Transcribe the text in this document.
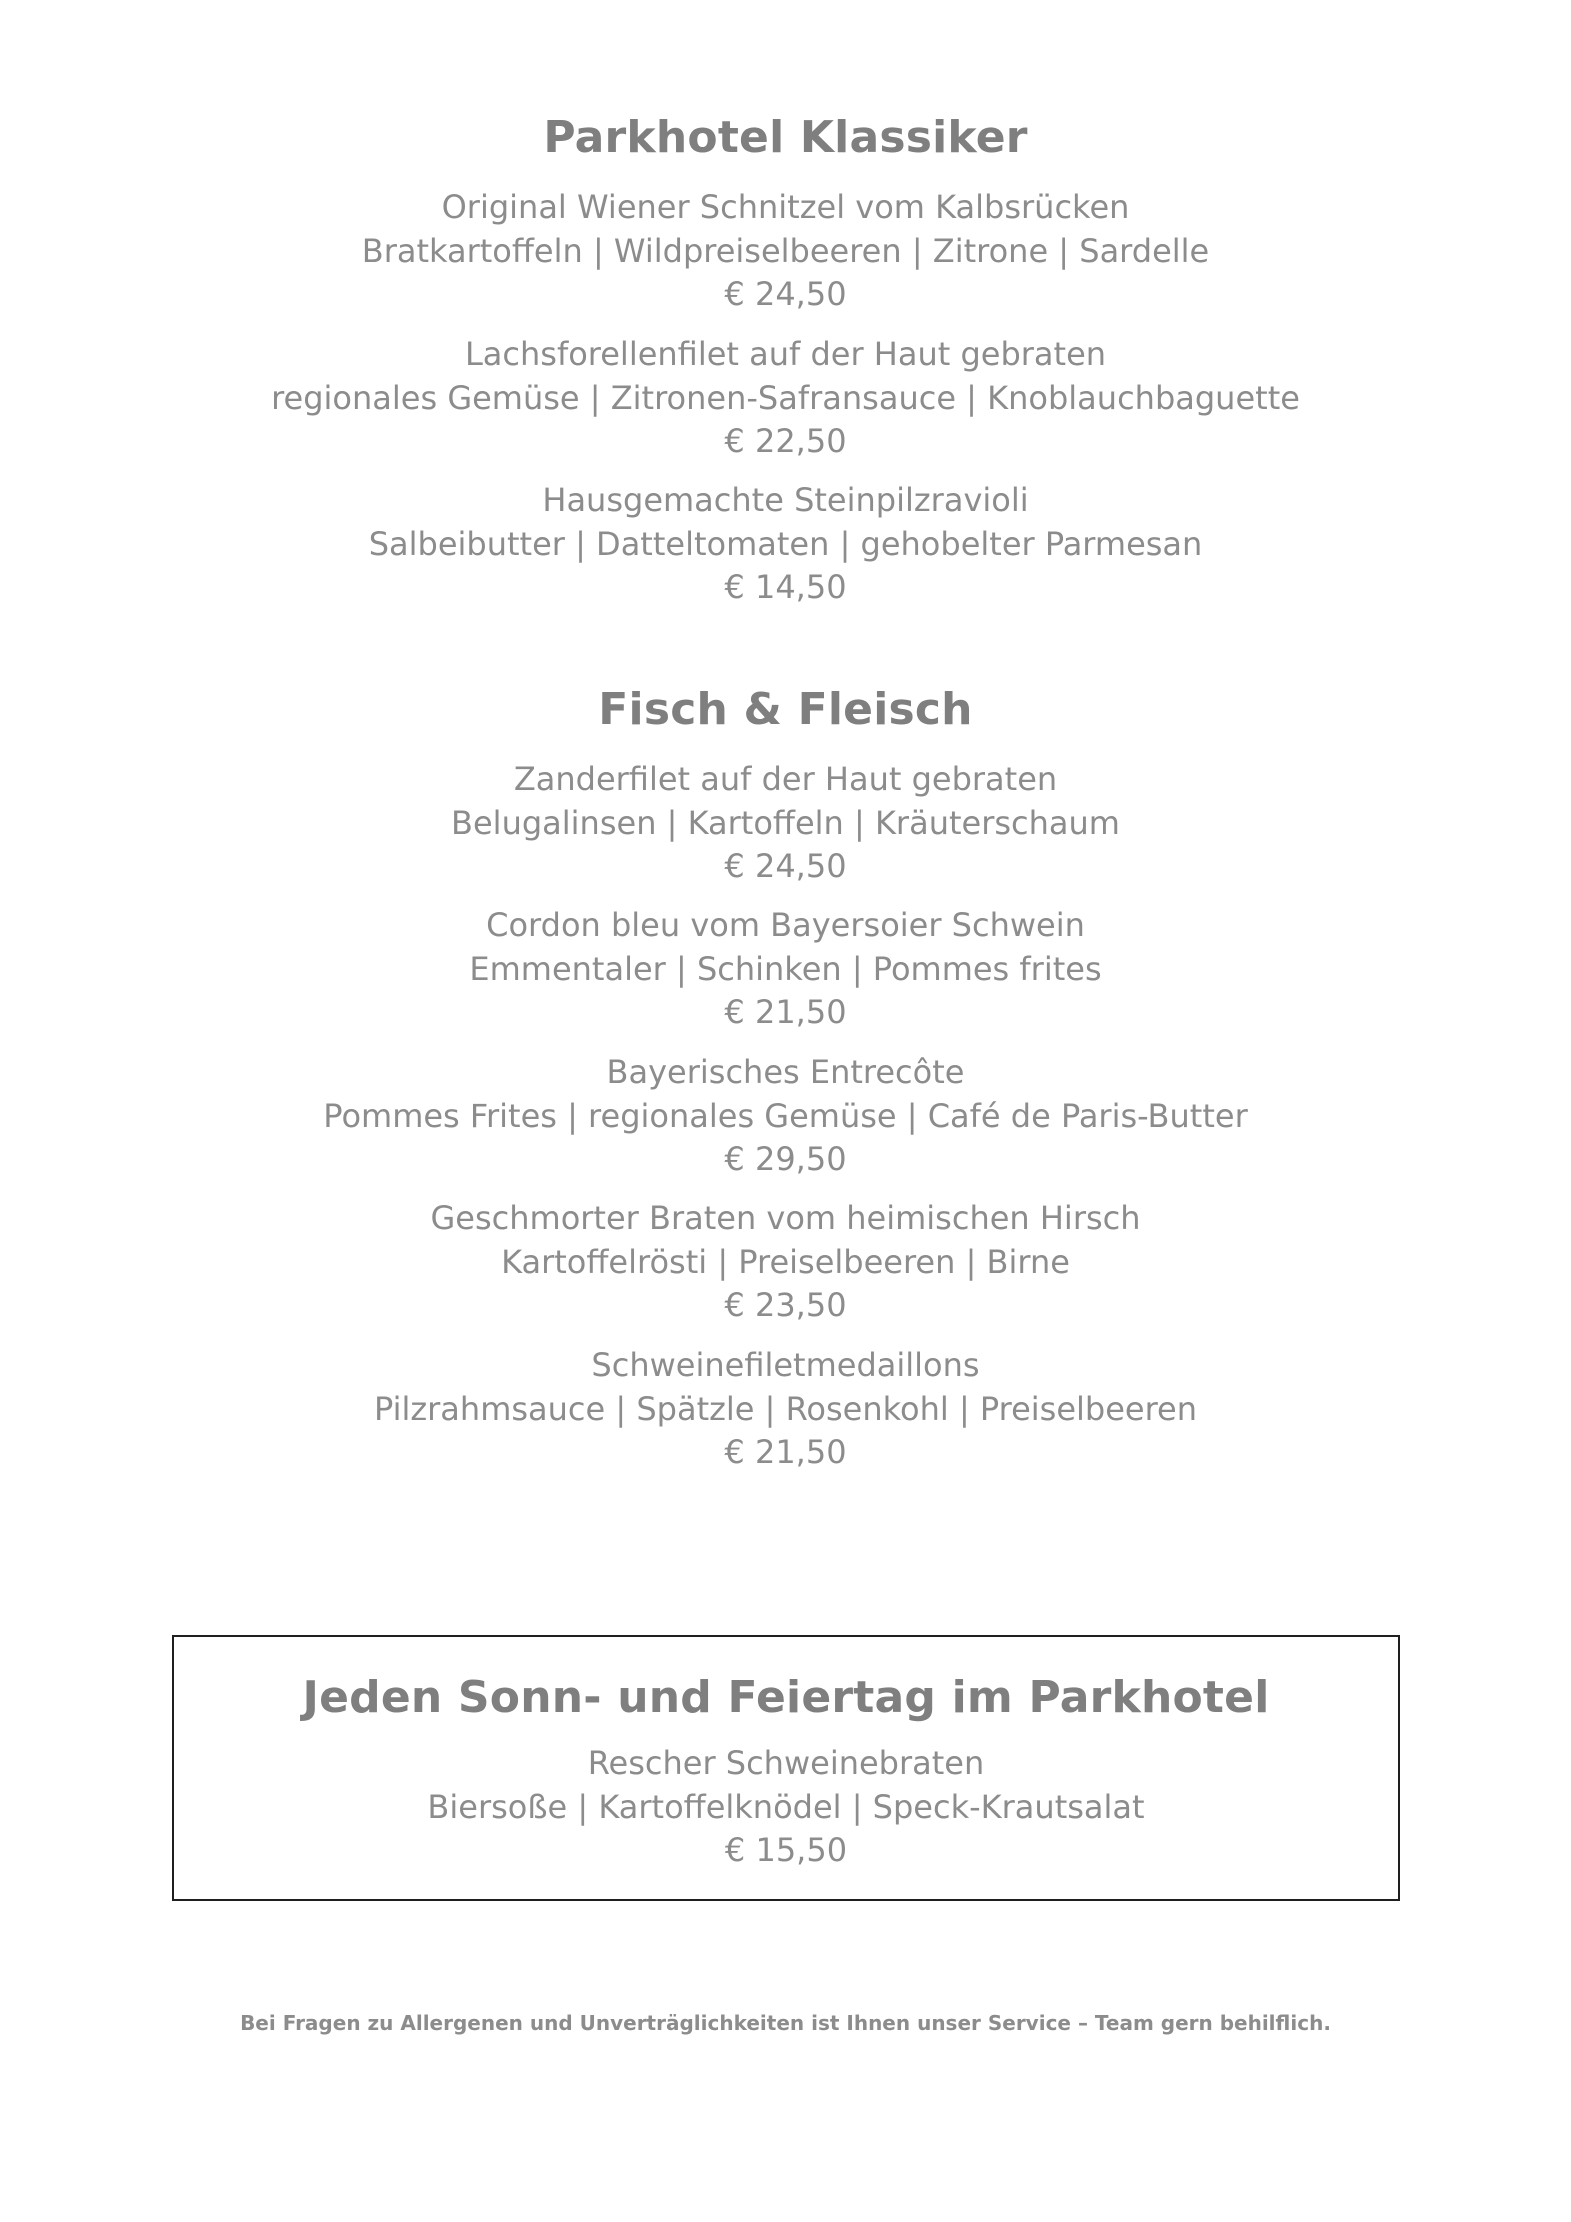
Parkhotel Klassiker
Original Wiener Schnitzel vom Kalbsrücken
Bratkartoffeln | Wildpreiselbeeren | Zitrone | Sardelle
€ 24,50
Lachsforellenfilet auf der Haut gebraten
regionales Gemüse | Zitronen-Safransauce | Knoblauchbaguette
€ 22,50
Hausgemachte Steinpilzravioli
Salbeibutter | Datteltomaten | gehobelter Parmesan
€ 14,50
Fisch & Fleisch
Zanderfilet auf der Haut gebraten
Belugalinsen | Kartoffeln | Kräuterschaum
€ 24,50
Cordon bleu vom Bayersoier Schwein
Emmentaler | Schinken | Pommes frites
€ 21,50
Bayerisches Entrecôte
Pommes Frites | regionales Gemüse | Café de Paris-Butter
€ 29,50
Geschmorter Braten vom heimischen Hirsch
Kartoffelrösti | Preiselbeeren | Birne
€ 23,50
Schweinefiletmedaillons
Pilzrahmsauce | Spätzle | Rosenkohl | Preiselbeeren
€ 21,50
Jeden Sonn- und Feiertag im Parkhotel
Rescher Schweinebraten
Biersoße | Kartoffelknödel | Speck-Krautsalat
€ 15,50
Bei Fragen zu Allergenen und Unverträglichkeiten ist Ihnen unser Service – Team gern behilflich.
